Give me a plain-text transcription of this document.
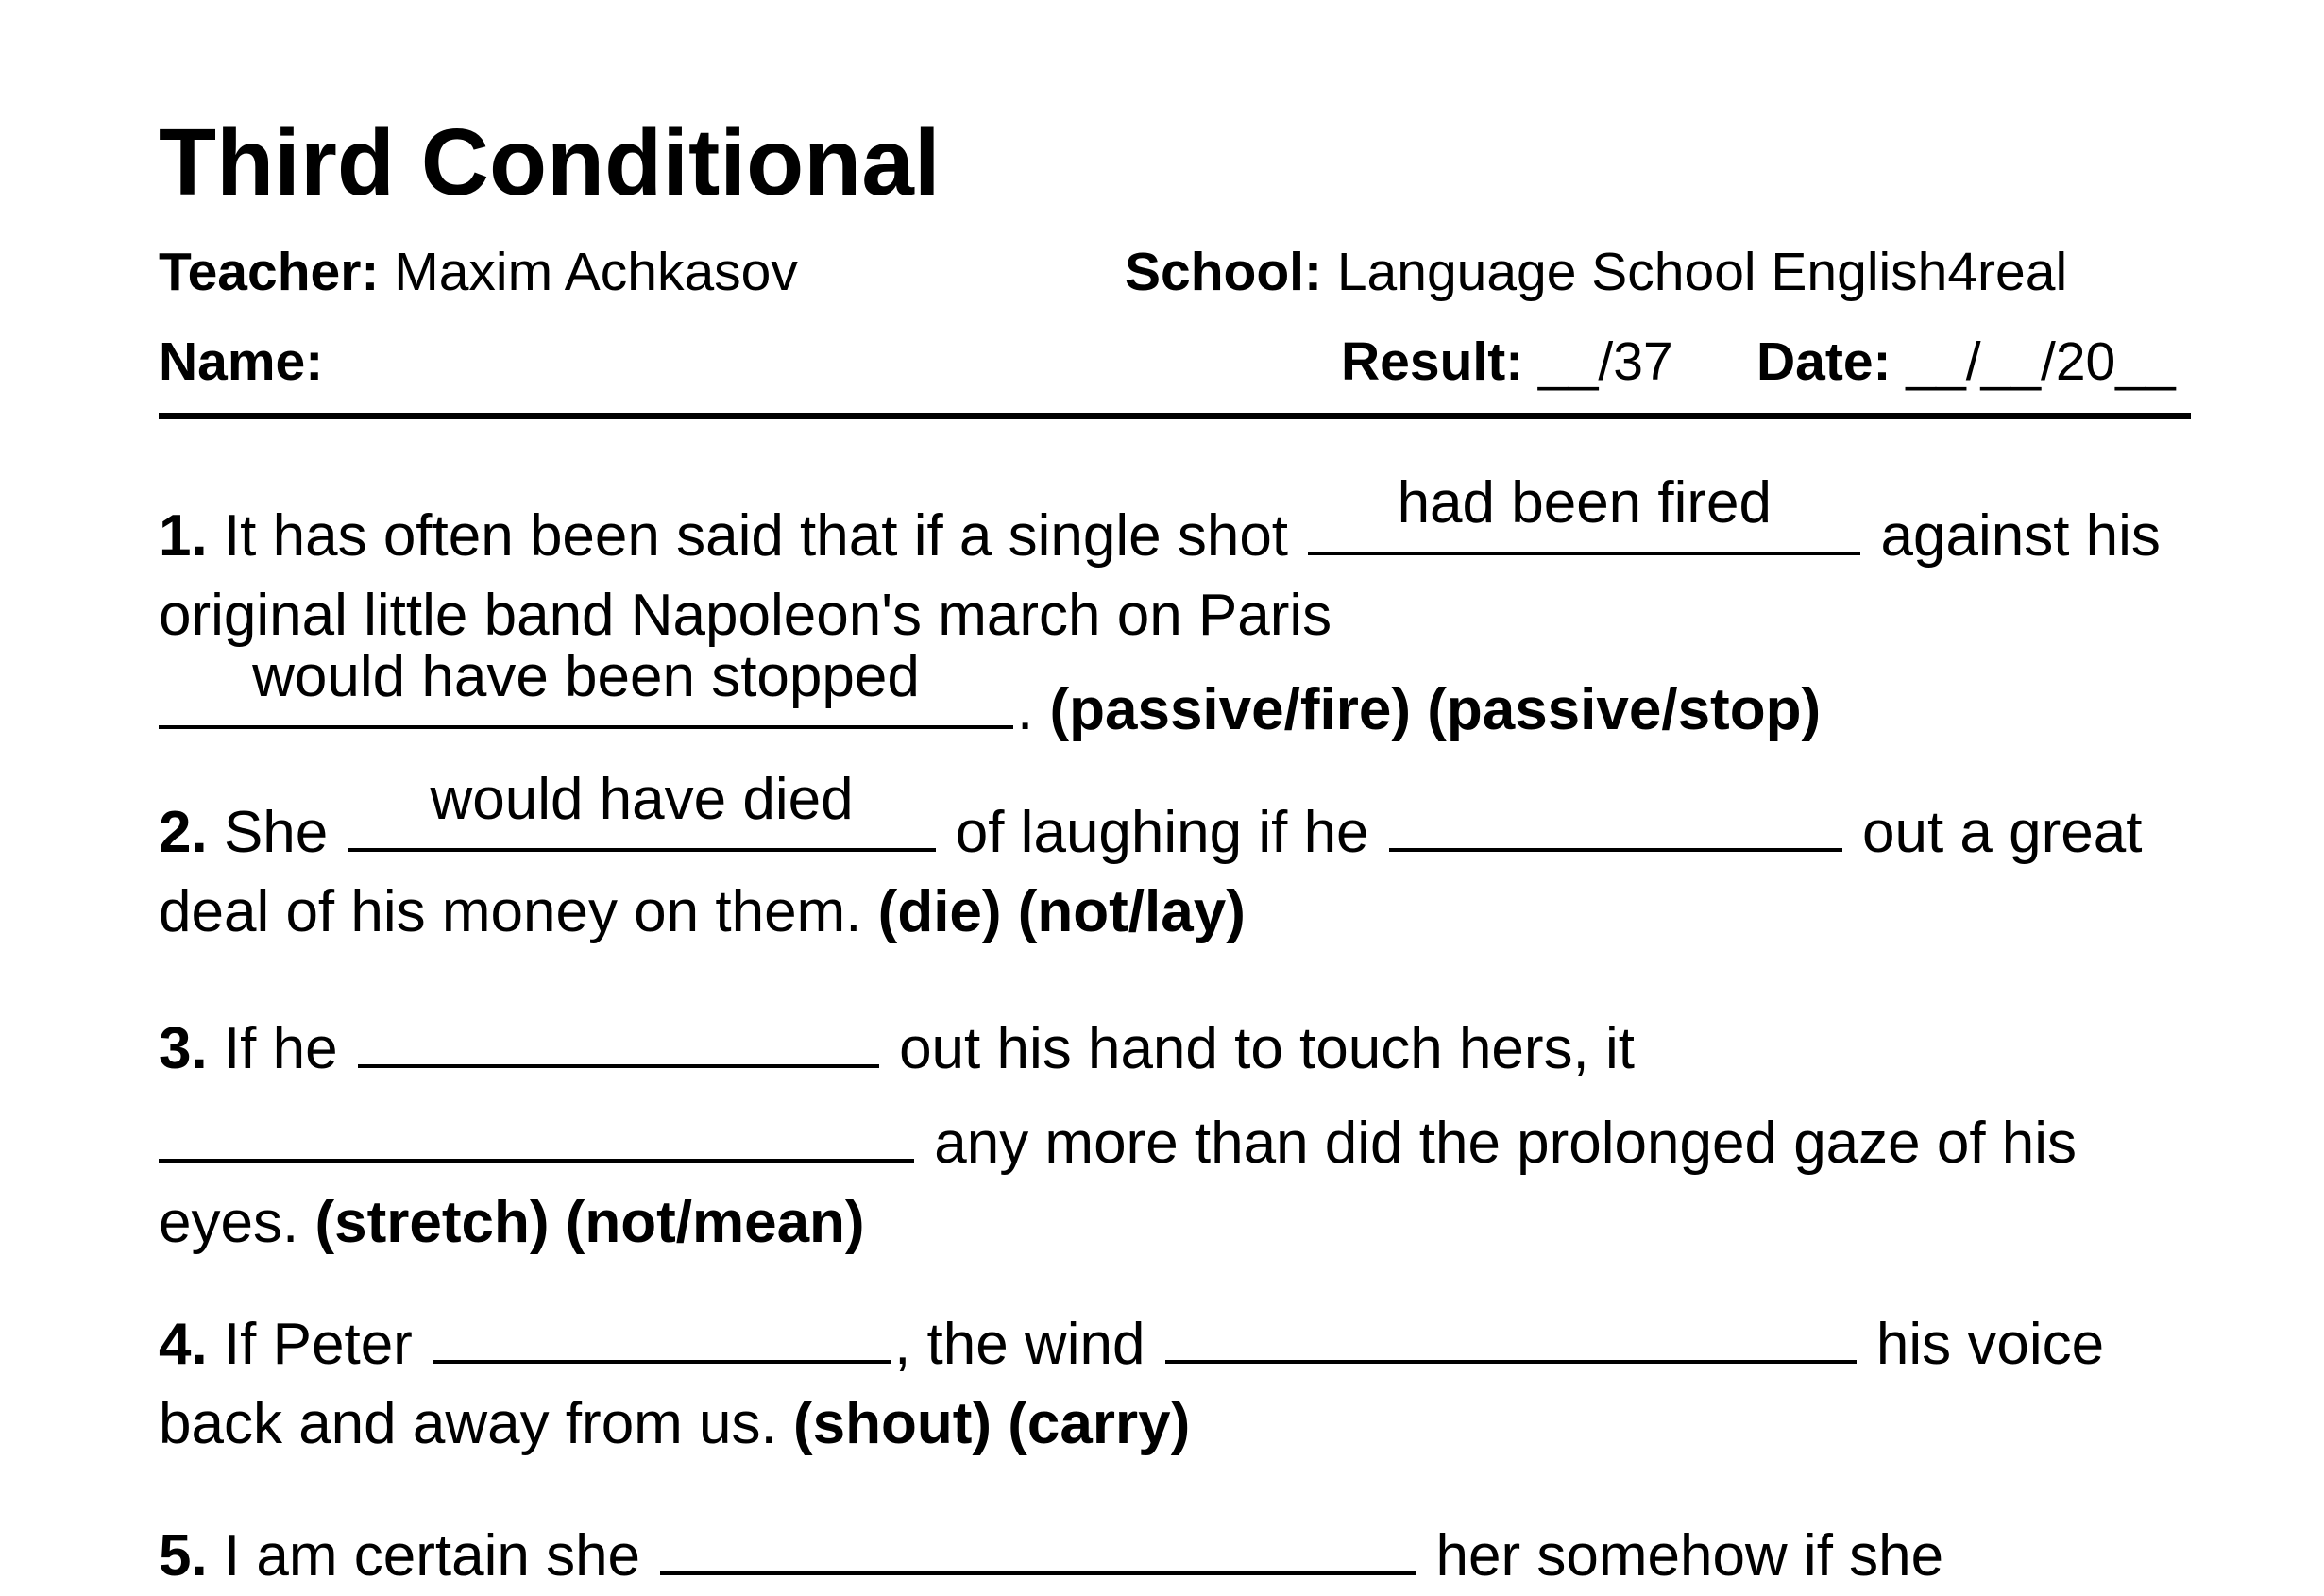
Third Conditional
Teacher: Maxim Achkasov	School: Language School English4real
Name:	Result: __/37 Date: __/__/20__

1. It has often been said that if a single shot
had been fired
against his original little band Napoleon's march on Paris
would have been stopped
. (passive/fire) (passive/stop)

2. She
would have died
of laughing if he	out a great deal of his money on them. (die) (not/lay)

3. If he	out his hand to touch hers, it
any more than did the prolonged gaze of his eyes. (stretch) (not/mean)

4. If Peter	, the wind	his voice back and away from us. (shout) (carry)

5. I am certain she	her somehow if she
